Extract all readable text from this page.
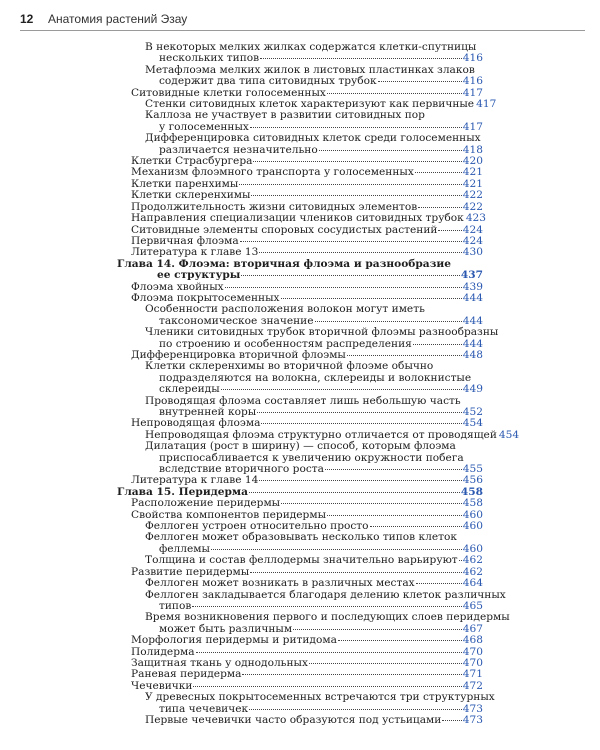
12 Анатомия растений Эзау
В некоторых мелких жилках содержатся клетки-спутницы
нескольких типов	416
Метафлоэма мелких жилок в листовых пластинках злаков
содержит два типа ситовидных трубок	416
Ситовидные клетки голосеменных	417
Стенки ситовидных клеток характеризуют как первичные 417
Каллоза не участвует в развитии ситовидных пор
у голосеменных	417
Дифференцировка ситовидных клеток среди голосеменных
различается незначительно	418
Клетки Страсбургера	420
Механизм флоэмного транспорта у голосеменных	421
Клетки паренхимы	421
Клетки склеренхимы	422
Продолжительность жизни ситовидных элементов	422
Направления специализации члеников ситовидных трубок 423
Ситовидные элементы споровых сосудистых растений 424
Первичная флоэма	424
Литература к главе 13	430
Глава 14. Флоэма: вторичная флоэма и разнообразие
ее структуры	437
Флоэма хвойных	439
Флоэма покрытосеменных	444
Особенности расположения волокон могут иметь
таксономическое значение	444
Членики ситовидных трубок вторичной флоэмы разнообразны
по строению и особенностям распределения	444
Дифференцировка вторичной флоэмы	448
Клетки склеренхимы во вторичной флоэме обычно
подразделяются на волокна, склереиды и волокнистые
склереиды	449
Проводящая флоэма составляет лишь небольшую часть
внутренней коры	452
Непроводящая флоэма	454
Непроводящая флоэма структурно отличается от проводящей 454
Дилатация (рост в ширину) — способ, которым флоэма
приспосабливается к увеличению окружности побега
вследствие вторичного роста	455
Литература к главе 14	456
Глава 15. Перидерма	458
Расположение перидермы	458
Свойства компонентов перидермы	460
Феллоген устроен относительно просто	460
Феллоген может образовывать несколько типов клеток
феллемы	460
Толщина и состав феллодермы значительно варьируют 462
Развитие перидермы	462
Феллоген может возникать в различных местах	464
Феллоген закладывается благодаря делению клеток различных
типов	465
Время возникновения первого и последующих слоев перидермы
может быть различным	467
Морфология перидермы и ритидома	468
Полидерма	470
Защитная ткань у однодольных	470
Раневая перидерма	471
Чечевички	472
У древесных покрытосеменных встречаются три структурных
типа чечевичек	473
Первые чечевички часто образуются под устьицами 473
